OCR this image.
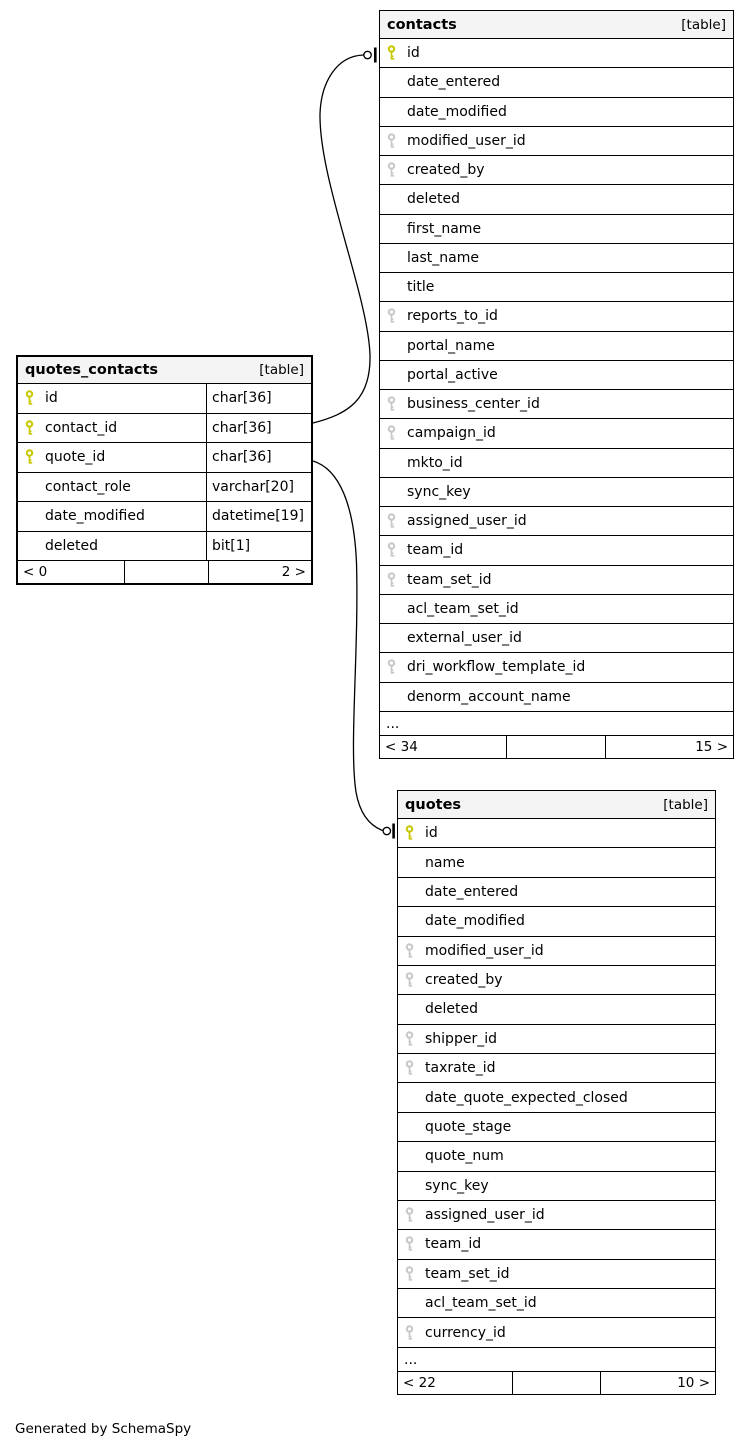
quotes_contacts	[table]
id	char[36]
contact_id	char[36]
quote_id	char[36]
contact_role	varchar[20]
date_modified	datetime[19]
deleted	bit[1]
< 0	2 >
contacts	[table]
id
date_entered
date_modified
modified_user_id
created_by
deleted
first_name
last_name
title
reports_to_id
portal_name
portal_active
business_center_id
campaign_id
mkto_id
sync_key
assigned_user_id
team_id
team_set_id
acl_team_set_id
external_user_id
dri_workflow_template_id
denorm_account_name
...
< 34	15 >
quotes	[table]
id
name
date_entered
date_modified
modified_user_id
created_by
deleted
shipper_id
taxrate_id
date_quote_expected_closed
quote_stage
quote_num
sync_key
assigned_user_id
team_id
team_set_id
acl_team_set_id
currency_id
...
< 22	10 >
Generated by SchemaSpy
